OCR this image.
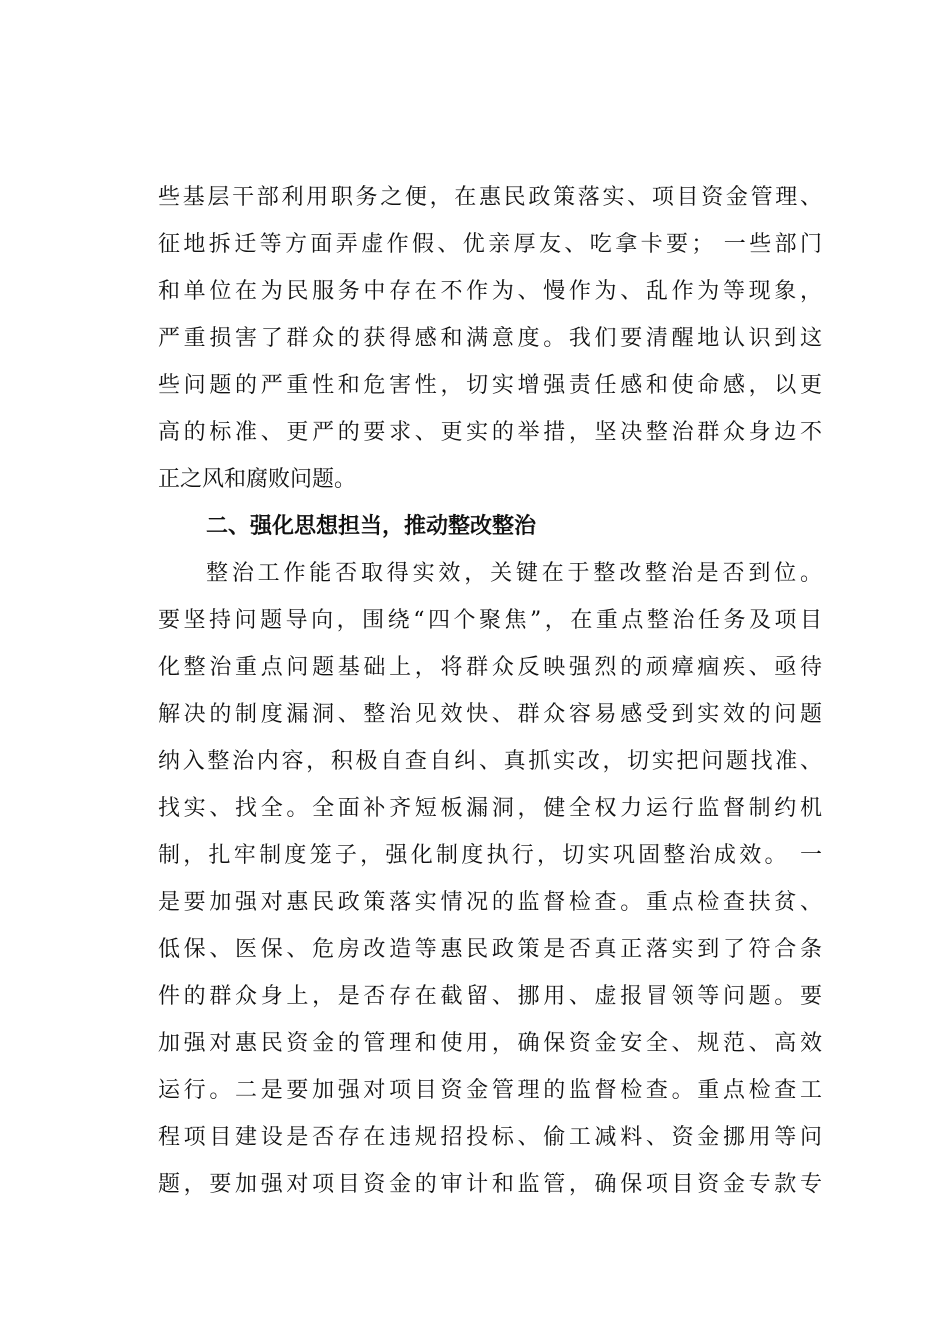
些基层干部利用职务之便，在惠民政策落实、项目资金管理、
征地拆迁等方面弄虚作假、优亲厚友、吃拿卡要； 一些部门
和单位在为民服务中存在不作为、慢作为、乱作为等现象，
严重损害了群众的获得感和满意度。我们要清醒地认识到这
些问题的严重性和危害性，切实增强责任感和使命感，以更
高的标准、更严的要求、更实的举措，坚决整治群众身边不
正之风和腐败问题。
二、强化思想担当，推动整改整治
整治工作能否取得实效，关键在于整改整治是否到位。
要坚持问题导向，围绕“四个聚焦”，在重点整治任务及项目
化整治重点问题基础上，将群众反映强烈的顽瘴痼疾、亟待
解决的制度漏洞、整治见效快、群众容易感受到实效的问题
纳入整治内容，积极自查自纠、真抓实改，切实把问题找准、
找实、找全。全面补齐短板漏洞，健全权力运行监督制约机
制，扎牢制度笼子，强化制度执行，切实巩固整治成效。 一
是要加强对惠民政策落实情况的监督检查。重点检查扶贫、
低保、医保、危房改造等惠民政策是否真正落实到了符合条
件的群众身上，是否存在截留、挪用、虚报冒领等问题。要
加强对惠民资金的管理和使用，确保资金安全、规范、高效
运行。二是要加强对项目资金管理的监督检查。重点检查工
程项目建设是否存在违规招投标、偷工减料、资金挪用等问
题，要加强对项目资金的审计和监管，确保项目资金专款专
